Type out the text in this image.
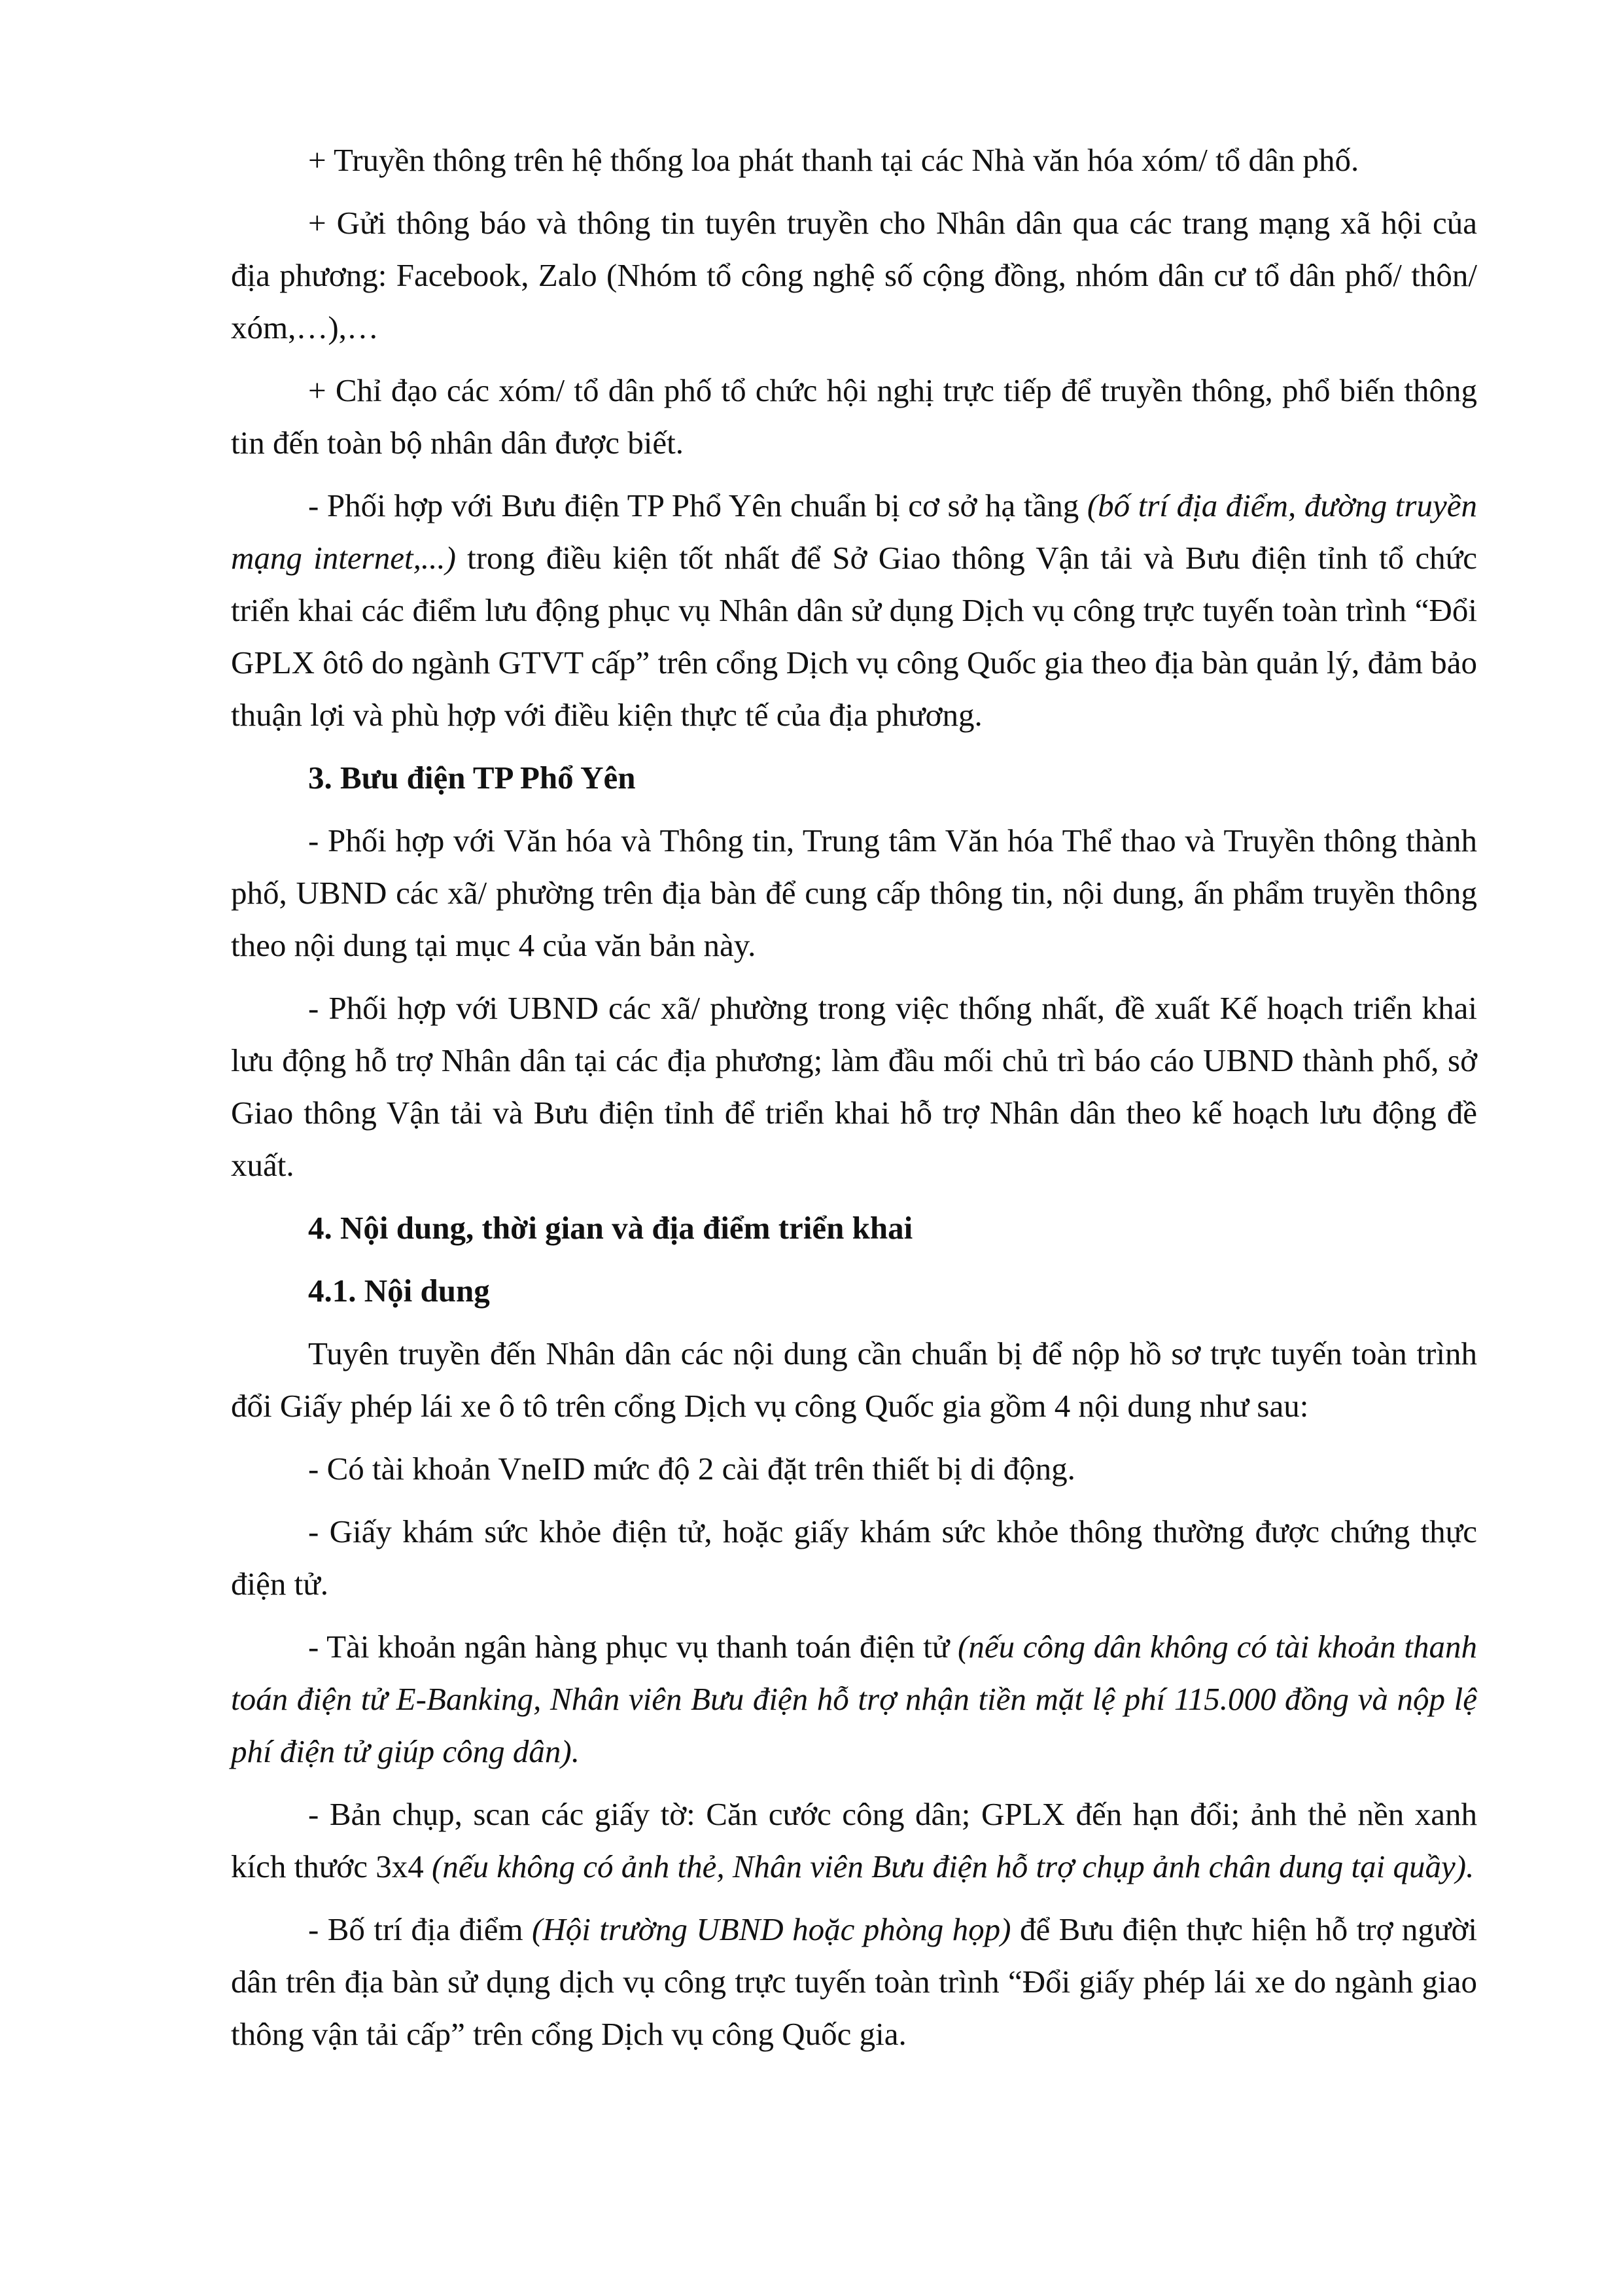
+ Truyền thông trên hệ thống loa phát thanh tại các Nhà văn hóa xóm/ tổ dân phố.

+ Gửi thông báo và thông tin tuyên truyền cho Nhân dân qua các trang mạng xã hội của địa phương: Facebook, Zalo (Nhóm tổ công nghệ số cộng đồng, nhóm dân cư tổ dân phố/ thôn/ xóm,…),…

+ Chỉ đạo các xóm/ tổ dân phố tổ chức hội nghị trực tiếp để truyền thông, phổ biến thông tin đến toàn bộ nhân dân được biết.

- Phối hợp với Bưu điện TP Phổ Yên chuẩn bị cơ sở hạ tầng (bố trí địa điểm, đường truyền mạng internet,...) trong điều kiện tốt nhất để Sở Giao thông Vận tải và Bưu điện tỉnh tổ chức triển khai các điểm lưu động phục vụ Nhân dân sử dụng Dịch vụ công trực tuyến toàn trình “Đổi GPLX ôtô do ngành GTVT cấp” trên cổng Dịch vụ công Quốc gia theo địa bàn quản lý, đảm bảo thuận lợi và phù hợp với điều kiện thực tế của địa phương.

3. Bưu điện TP Phổ Yên

- Phối hợp với Văn hóa và Thông tin, Trung tâm Văn hóa Thể thao và Truyền thông thành phố, UBND các xã/ phường trên địa bàn để cung cấp thông tin, nội dung, ấn phẩm truyền thông theo nội dung tại mục 4 của văn bản này.

- Phối hợp với UBND các xã/ phường trong việc thống nhất, đề xuất Kế hoạch triển khai lưu động hỗ trợ Nhân dân tại các địa phương; làm đầu mối chủ trì báo cáo UBND thành phố, sở Giao thông Vận tải và Bưu điện tỉnh để triển khai hỗ trợ Nhân dân theo kế hoạch lưu động đề xuất.

4. Nội dung, thời gian và địa điểm triển khai

4.1. Nội dung

Tuyên truyền đến Nhân dân các nội dung cần chuẩn bị để nộp hồ sơ trực tuyến toàn trình đổi Giấy phép lái xe ô tô trên cổng Dịch vụ công Quốc gia gồm 4 nội dung như sau:

- Có tài khoản VneID mức độ 2 cài đặt trên thiết bị di động.

- Giấy khám sức khỏe điện tử, hoặc giấy khám sức khỏe thông thường được chứng thực điện tử.

- Tài khoản ngân hàng phục vụ thanh toán điện tử (nếu công dân không có tài khoản thanh toán điện tử E-Banking, Nhân viên Bưu điện hỗ trợ nhận tiền mặt lệ phí 115.000 đồng và nộp lệ phí điện tử giúp công dân).

- Bản chụp, scan các giấy tờ: Căn cước công dân; GPLX đến hạn đổi; ảnh thẻ nền xanh kích thước 3x4 (nếu không có ảnh thẻ, Nhân viên Bưu điện hỗ trợ chụp ảnh chân dung tại quầy).

- Bố trí địa điểm (Hội trường UBND hoặc phòng họp) để Bưu điện thực hiện hỗ trợ người dân trên địa bàn sử dụng dịch vụ công trực tuyến toàn trình “Đổi giấy phép lái xe do ngành giao thông vận tải cấp” trên cổng Dịch vụ công Quốc gia.
